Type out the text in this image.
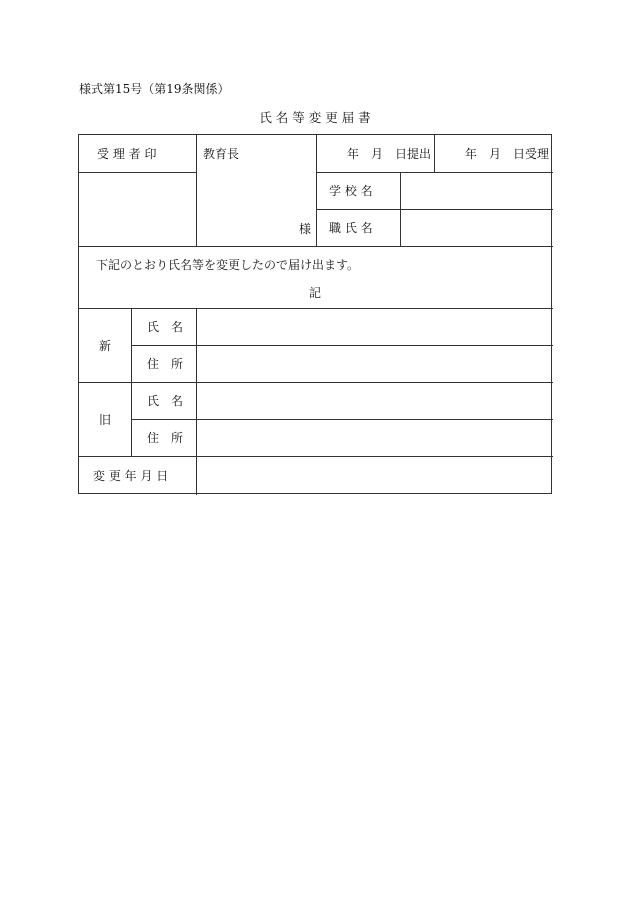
様式第15号（第19条関係）
氏 名 等 変 更 届 書
受 理 者 印	教育長
様
年　月　日提出	年　月　日受理
学 校 名
職 氏 名
下記のとおり氏名等を変更したので届け出ます。
記
新
氏　名
住　所
旧
氏　名
住　所
変 更 年 月 日
